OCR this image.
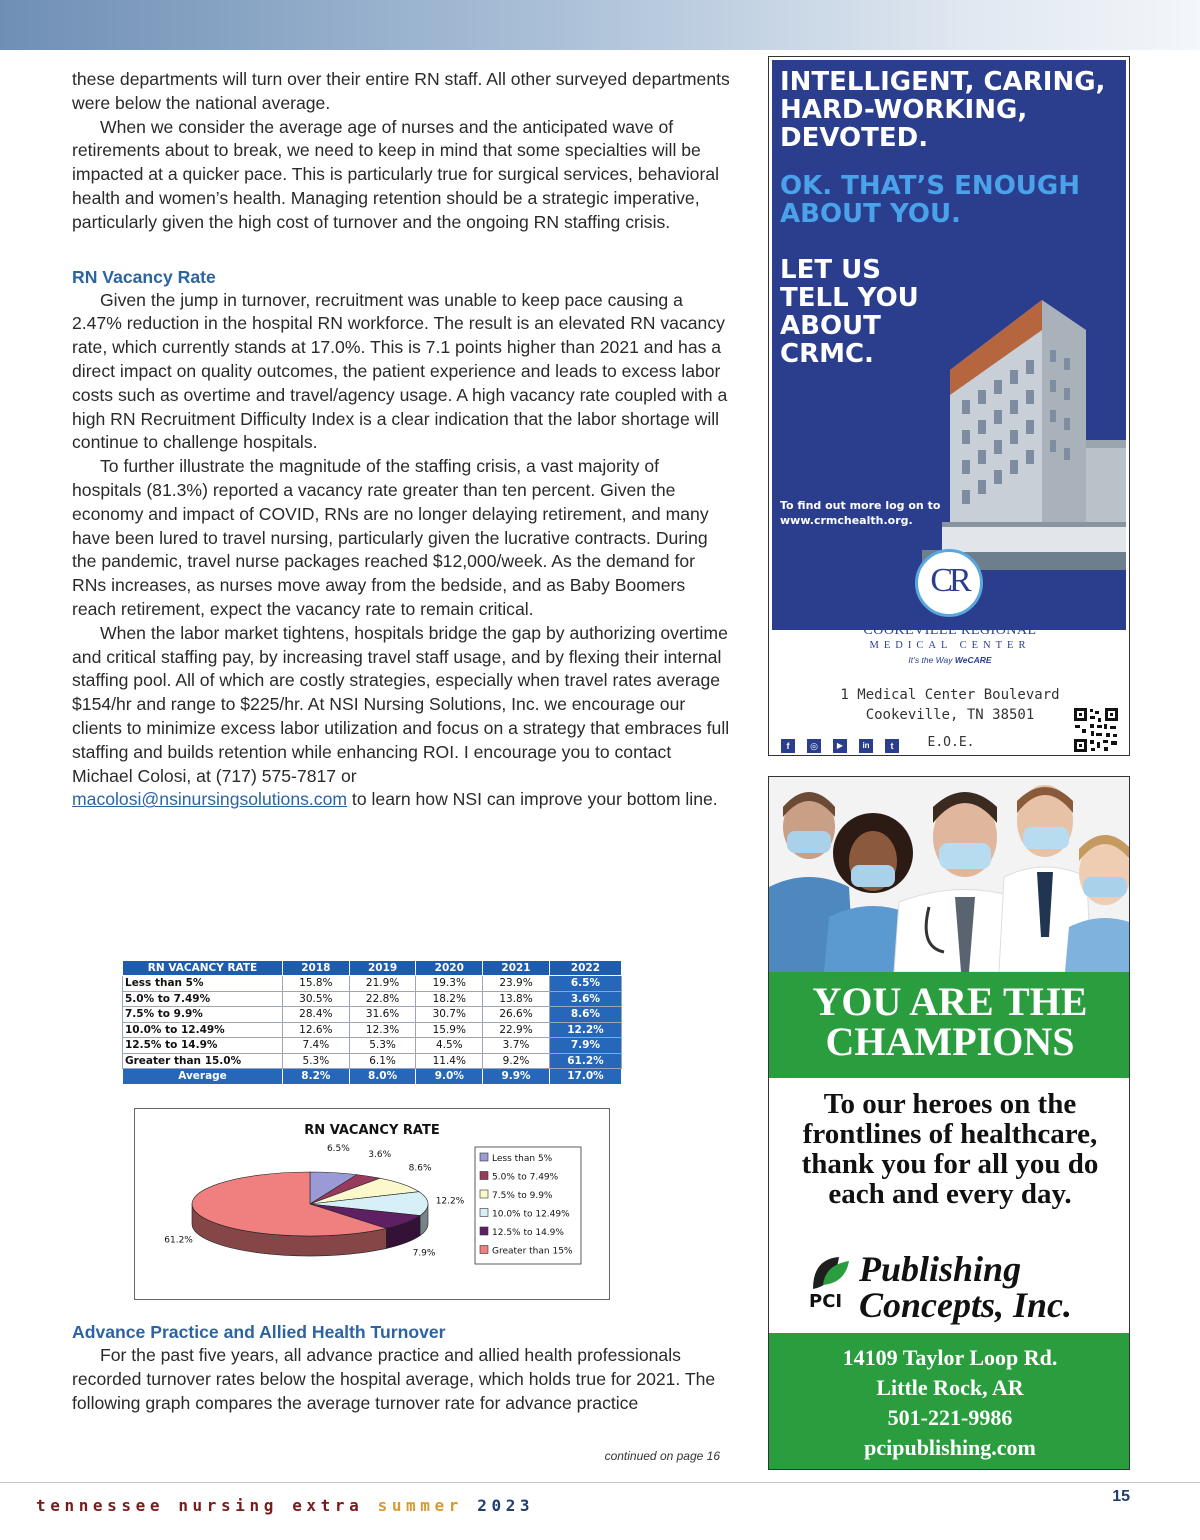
these departments will turn over their entire RN staff. All other surveyed departments were below the national average.

When we consider the average age of nurses and the anticipated wave of retirements about to break, we need to keep in mind that some specialties will be impacted at a quicker pace. This is particularly true for surgical services, behavioral health and women’s health. Managing retention should be a strategic imperative, particularly given the high cost of turnover and the ongoing RN staffing crisis.

RN Vacancy Rate

Given the jump in turnover, recruitment was unable to keep pace causing a 2.47% reduction in the hospital RN workforce. The result is an elevated RN vacancy rate, which currently stands at 17.0%. This is 7.1 points higher than 2021 and has a direct impact on quality outcomes, the patient experience and leads to excess labor costs such as overtime and travel/agency usage. A high vacancy rate coupled with a high RN Recruitment Difficulty Index is a clear indication that the labor shortage will continue to challenge hospitals.

To further illustrate the magnitude of the staffing crisis, a vast majority of hospitals (81.3%) reported a vacancy rate greater than ten percent. Given the economy and impact of COVID, RNs are no longer delaying retirement, and many have been lured to travel nursing, particularly given the lucrative contracts. During the pandemic, travel nurse packages reached $12,000/week. As the demand for RNs increases, as nurses move away from the bedside, and as Baby Boomers reach retirement, expect the vacancy rate to remain critical.

When the labor market tightens, hospitals bridge the gap by authorizing overtime and critical staffing pay, by increasing travel staff usage, and by flexing their internal staffing pool. All of which are costly strategies, especially when travel rates average $154/hr and range to $225/hr. At NSI Nursing Solutions, Inc. we encourage our clients to minimize excess labor utilization and focus on a strategy that embraces full staffing and builds retention while enhancing ROI. I encourage you to contact Michael Colosi, at (717) 575-7817 or

macolosi@nsinursingsolutions.com to learn how NSI can improve your bottom line.

RN VACANCY RATE	2018	2019	2020	2021	2022
Less than 5%	15.8%	21.9%	19.3%	23.9%	6.5%
5.0% to 7.49%	30.5%	22.8%	18.2%	13.8%	3.6%
7.5% to 9.9%	28.4%	31.6%	30.7%	26.6%	8.6%
10.0% to 12.49%	12.6%	12.3%	15.9%	22.9%	12.2%
12.5% to 14.9%	7.4%	5.3%	4.5%	3.7%	7.9%
Greater than 15.0%	5.3%	6.1%	11.4%	9.2%	61.2%
Average	8.2%	8.0%	9.0%	9.9%	17.0%
RN VACANCY RATE
6.5%
3.6%
8.6%
12.2%
7.9%
61.2%
Less than 5%
5.0% to 7.49%
7.5% to 9.9%
10.0% to 12.49%
12.5% to 14.9%
Greater than 15%
Advance Practice and Allied Health Turnover

For the past five years, all advance practice and allied health professionals recorded turnover rates below the hospital average, which holds true for 2021. The following graph compares the average turnover rate for advance practice

continued on page 16
INTELLIGENT, CARING,
HARD-WORKING,
DEVOTED.
OK. THAT’S ENOUGH
ABOUT YOU.
LET US
TELL YOU
ABOUT
CRMC.
To find out more log on to
www.crmchealth.org.
CR
COOKEVILLE REGIONAL
MEDICAL CENTER
It’s the Way WeCARE
1 Medical Center Boulevard
Cookeville, TN 38501
E.O.E.
f	◎	▶	in	t
YOU ARE THE
CHAMPIONS
To our heroes on the
frontlines of healthcare,
thank you for all you do
each and every day.
PCI
Publishing
Concepts, Inc.
14109 Taylor Loop Rd.
Little Rock, AR
501-221-9986
pcipublishing.com
tennessee nursing extra summer 2023	15
